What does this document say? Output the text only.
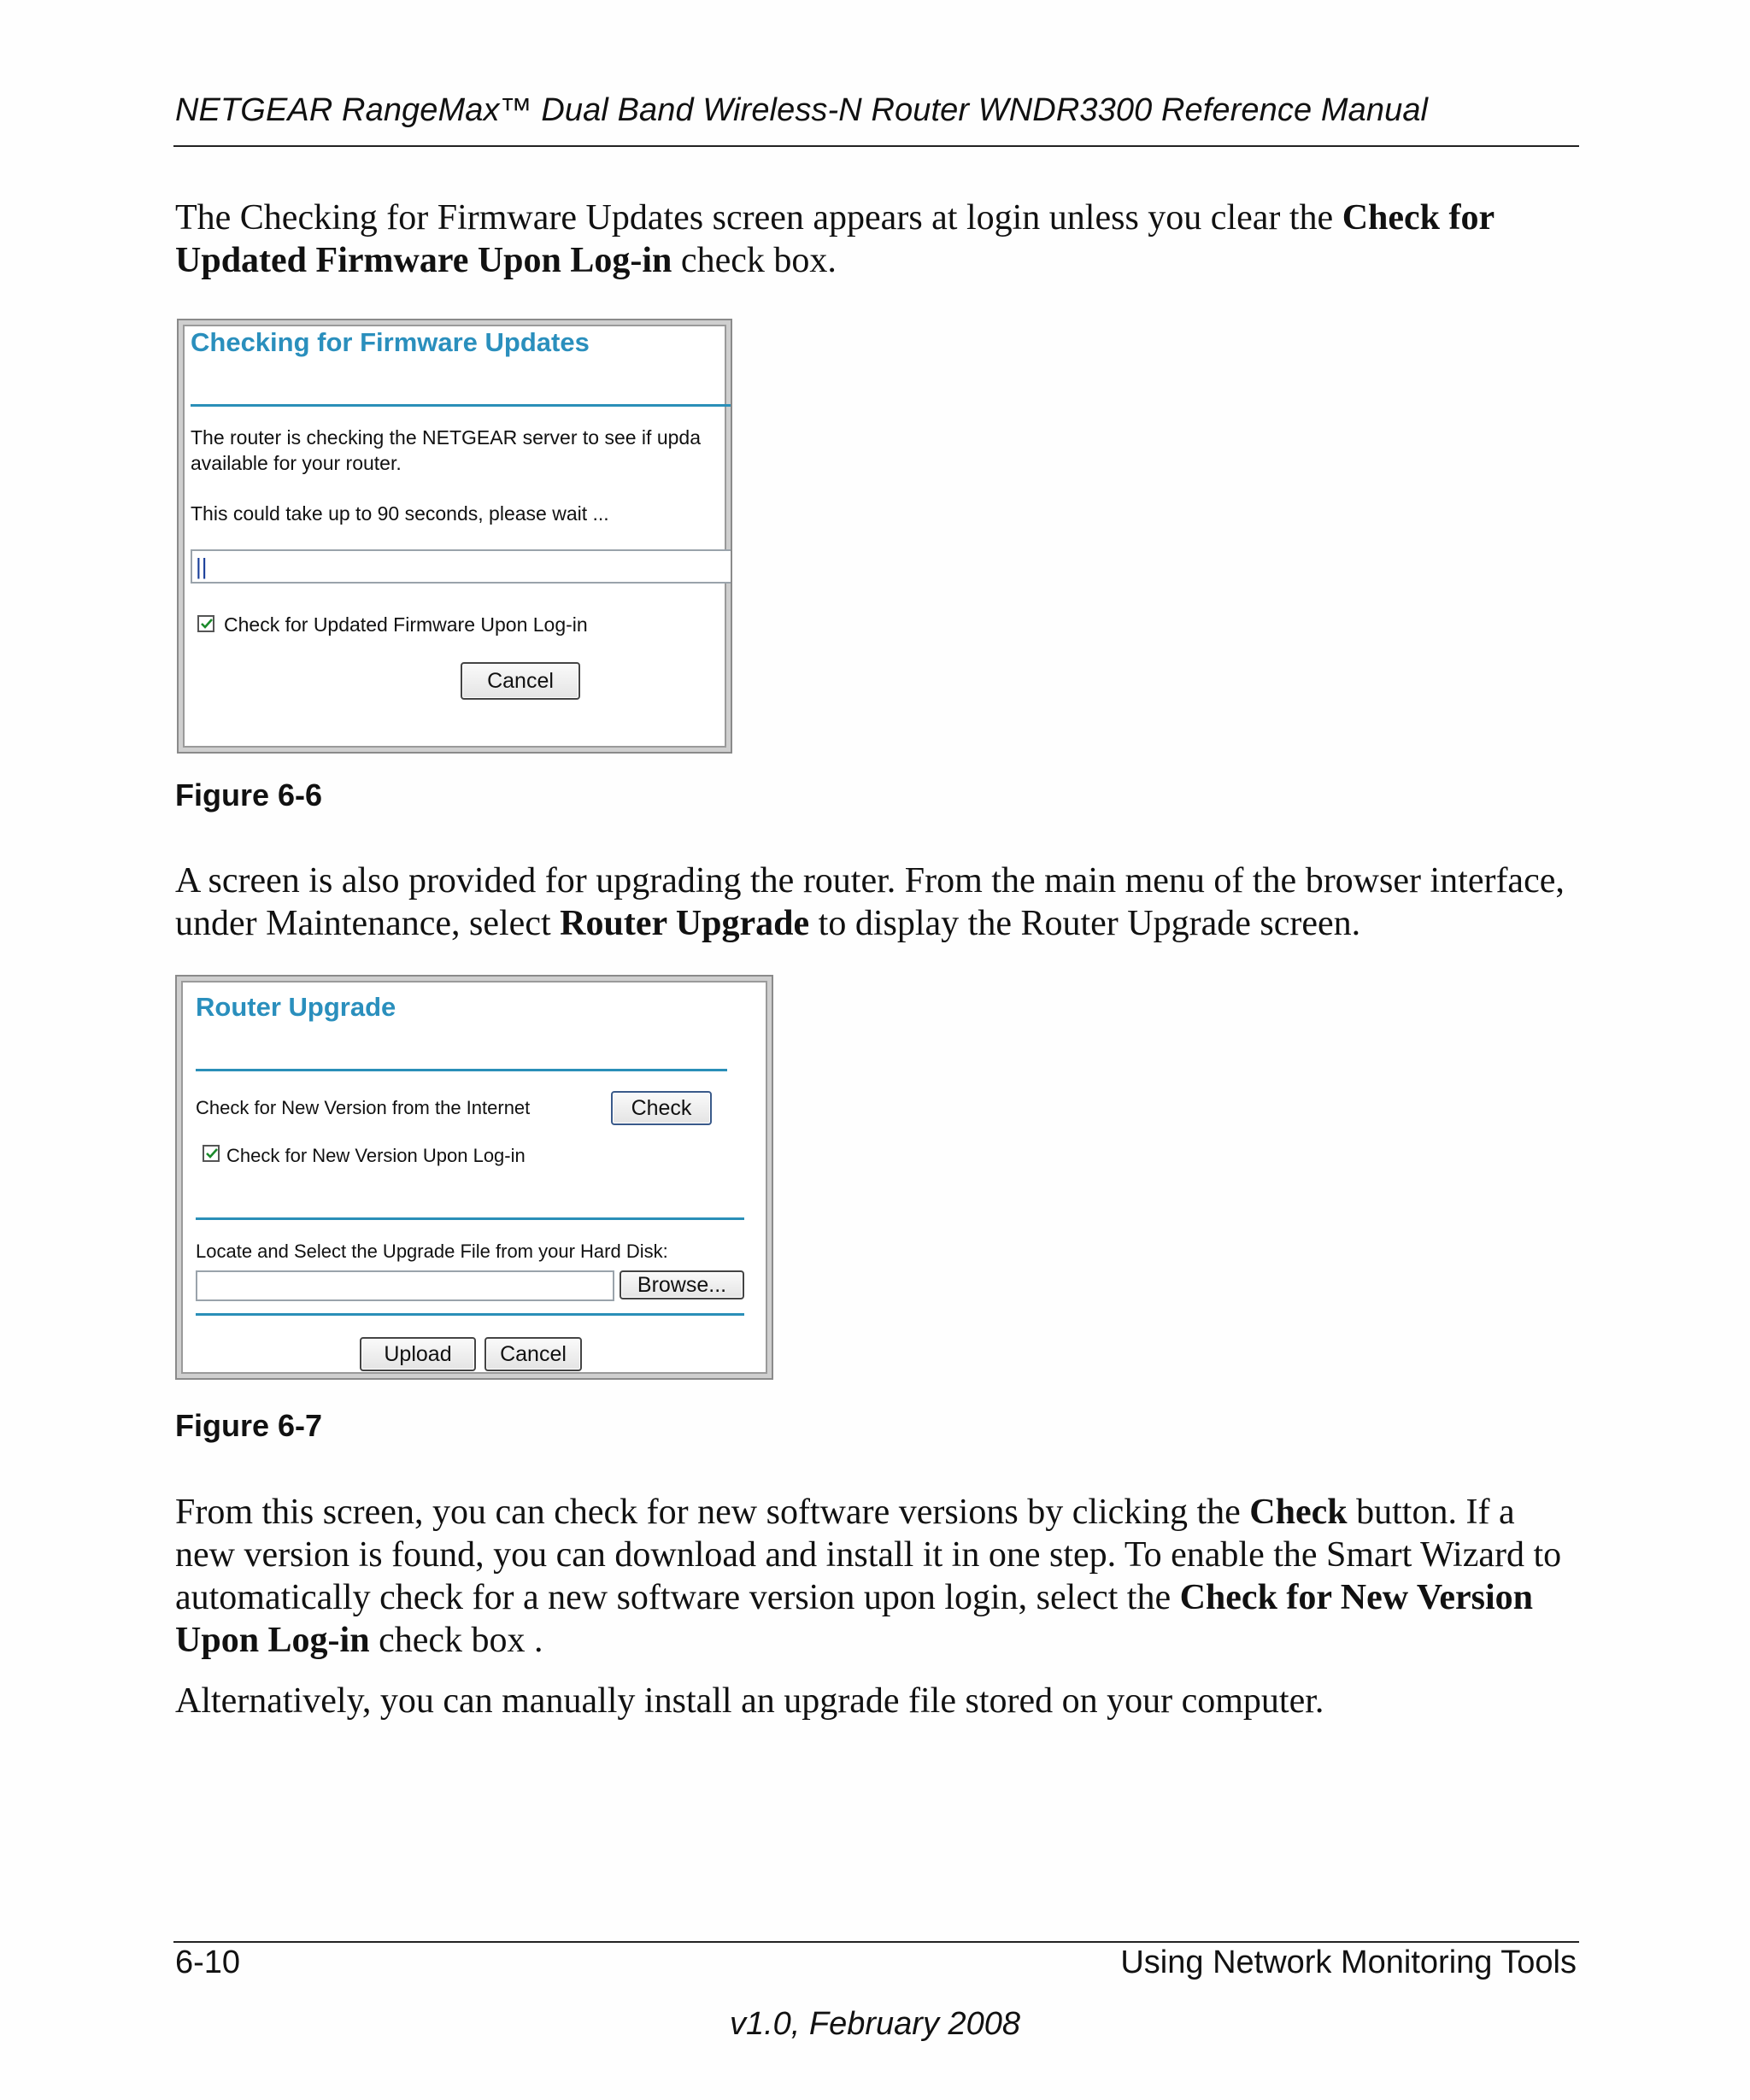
NETGEAR RangeMax™ Dual Band Wireless-N Router WNDR3300 Reference Manual

The Checking for Firmware Updates screen appears at login unless you clear the Check for Updated Firmware Upon Log-in check box.

Checking for Firmware Updates
The router is checking the NETGEAR server to see if upda
available for your router.
This could take up to 90 seconds, please wait ...
||
Check for Updated Firmware Upon Log-in
Cancel
Figure 6-6

A screen is also provided for upgrading the router. From the main menu of the browser interface, under Maintenance, select Router Upgrade to display the Router Upgrade screen.

Router Upgrade
Check for New Version from the Internet	Check
Check for New Version Upon Log-in
Locate and Select the Upgrade File from your Hard Disk:
Browse...
Upload	Cancel
Figure 6-7

From this screen, you can check for new software versions by clicking the Check button. If a new version is found, you can download and install it in one step. To enable the Smart Wizard to automatically check for a new software version upon login, select the Check for New Version Upon Log-in check box .

Alternatively, you can manually install an upgrade file stored on your computer.

6-10	Using Network Monitoring Tools
v1.0, February 2008
